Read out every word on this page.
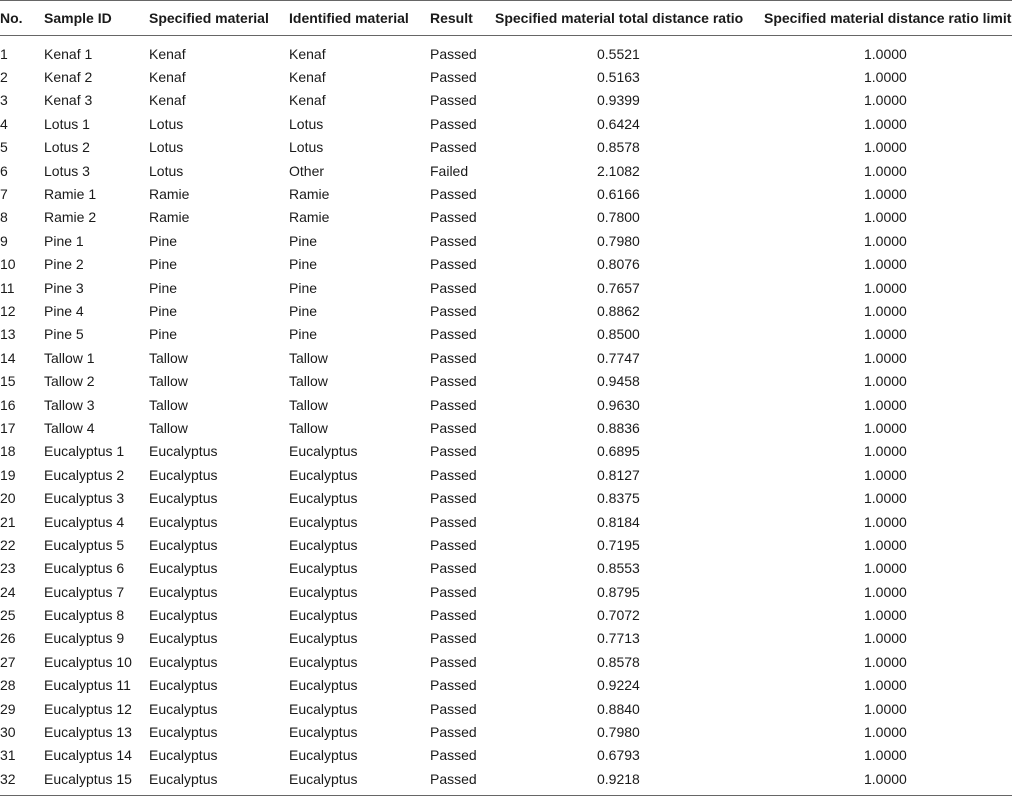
No.	Sample ID	Specified material	Identified material	Result	Specified material total distance ratio	Specified material distance ratio limit
1	Kenaf 1	Kenaf	Kenaf	Passed	0.5521	1.0000
2	Kenaf 2	Kenaf	Kenaf	Passed	0.5163	1.0000
3	Kenaf 3	Kenaf	Kenaf	Passed	0.9399	1.0000
4	Lotus 1	Lotus	Lotus	Passed	0.6424	1.0000
5	Lotus 2	Lotus	Lotus	Passed	0.8578	1.0000
6	Lotus 3	Lotus	Other	Failed	2.1082	1.0000
7	Ramie 1	Ramie	Ramie	Passed	0.6166	1.0000
8	Ramie 2	Ramie	Ramie	Passed	0.7800	1.0000
9	Pine 1	Pine	Pine	Passed	0.7980	1.0000
10	Pine 2	Pine	Pine	Passed	0.8076	1.0000
11	Pine 3	Pine	Pine	Passed	0.7657	1.0000
12	Pine 4	Pine	Pine	Passed	0.8862	1.0000
13	Pine 5	Pine	Pine	Passed	0.8500	1.0000
14	Tallow 1	Tallow	Tallow	Passed	0.7747	1.0000
15	Tallow 2	Tallow	Tallow	Passed	0.9458	1.0000
16	Tallow 3	Tallow	Tallow	Passed	0.9630	1.0000
17	Tallow 4	Tallow	Tallow	Passed	0.8836	1.0000
18	Eucalyptus 1	Eucalyptus	Eucalyptus	Passed	0.6895	1.0000
19	Eucalyptus 2	Eucalyptus	Eucalyptus	Passed	0.8127	1.0000
20	Eucalyptus 3	Eucalyptus	Eucalyptus	Passed	0.8375	1.0000
21	Eucalyptus 4	Eucalyptus	Eucalyptus	Passed	0.8184	1.0000
22	Eucalyptus 5	Eucalyptus	Eucalyptus	Passed	0.7195	1.0000
23	Eucalyptus 6	Eucalyptus	Eucalyptus	Passed	0.8553	1.0000
24	Eucalyptus 7	Eucalyptus	Eucalyptus	Passed	0.8795	1.0000
25	Eucalyptus 8	Eucalyptus	Eucalyptus	Passed	0.7072	1.0000
26	Eucalyptus 9	Eucalyptus	Eucalyptus	Passed	0.7713	1.0000
27	Eucalyptus 10	Eucalyptus	Eucalyptus	Passed	0.8578	1.0000
28	Eucalyptus 11	Eucalyptus	Eucalyptus	Passed	0.9224	1.0000
29	Eucalyptus 12	Eucalyptus	Eucalyptus	Passed	0.8840	1.0000
30	Eucalyptus 13	Eucalyptus	Eucalyptus	Passed	0.7980	1.0000
31	Eucalyptus 14	Eucalyptus	Eucalyptus	Passed	0.6793	1.0000
32	Eucalyptus 15	Eucalyptus	Eucalyptus	Passed	0.9218	1.0000
